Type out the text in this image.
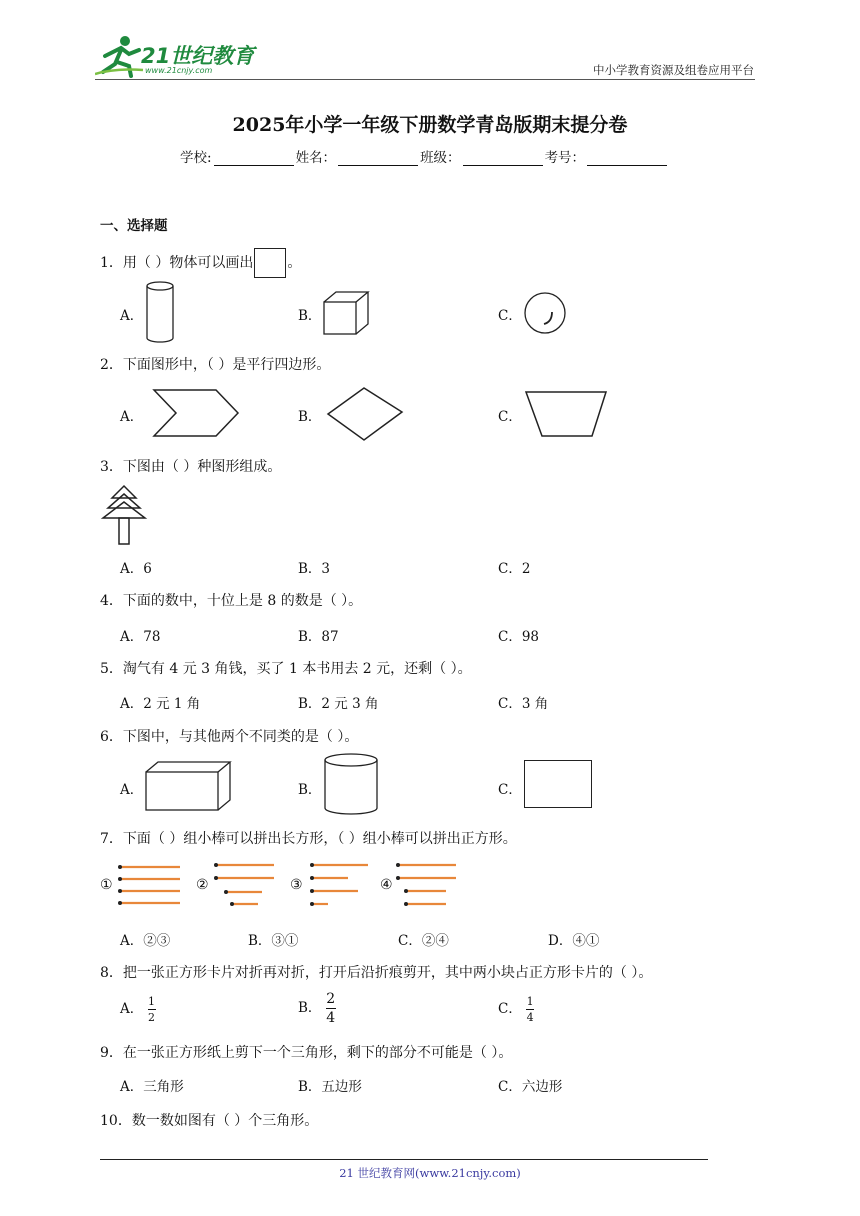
21世纪教育
www.21cnjy.com	中小学教育资源及组卷应用平台
2025年小学一年级下册数学青岛版期末提分卷
学校:	姓名：	班级：	考号：
一、选择题
1．用（ ）物体可以画出 。
A．	B．	C．
2．下面图形中，（ ）是平行四边形。
A．	B．	C．
3．下图由（ ）种图形组成。
A．6	B．3	C．2
4．下面的数中，十位上是 8 的数是（ ）。
A．78	B．87	C．98
5．淘气有 4 元 3 角钱，买了 1 本书用去 2 元，还剩（ ）。
A．2 元 1 角	B．2 元 3 角	C．3 角
6．下图中，与其他两个不同类的是（ ）。
A．	B．	C．
7．下面（ ）组小棒可以拼出长方形，（ ）组小棒可以拼出正方形。
①	②	③	④
A．②③	B．③①	C．②④	D．④①
8．把一张正方形卡片对折再对折，打开后沿折痕剪开，其中两小块占正方形卡片的（ ）。
A． $\frac{1}{2}$	B． $\frac{2}{4}$	C． $\frac{1}{4}$
9．在一张正方形纸上剪下一个三角形，剩下的部分不可能是（ ）。
A．三角形	B．五边形	C．六边形
10．数一数如图有（ ）个三角形。
21 世纪教育网(www.21cnjy.com)
